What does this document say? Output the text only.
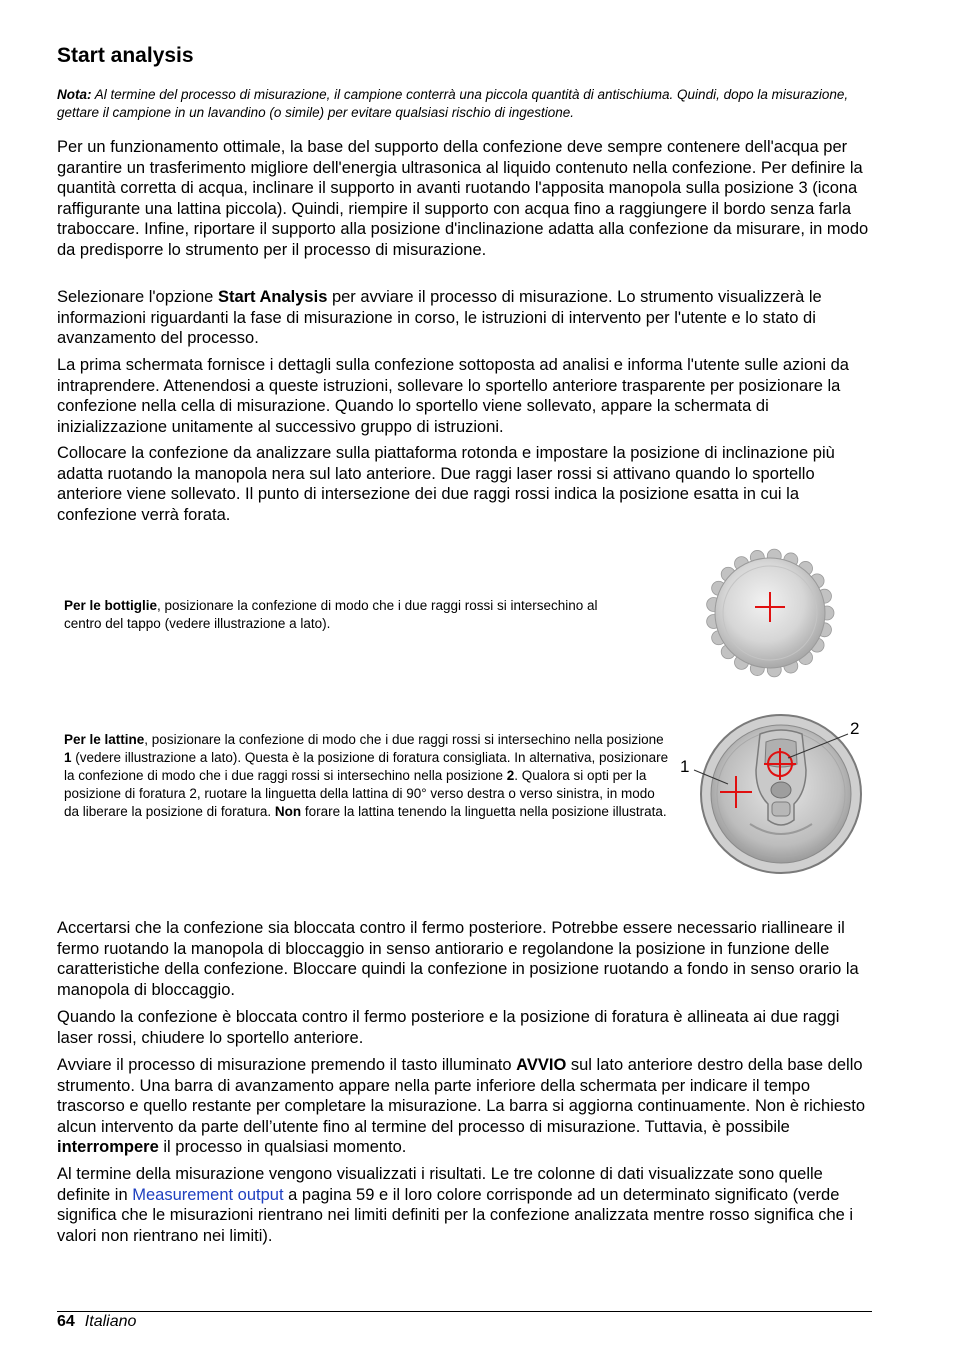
Start analysis
Nota: Al termine del processo di misurazione, il campione conterrà una piccola quantità di antischiuma. Quindi, dopo la misurazione, gettare il campione in un lavandino (o simile) per evitare qualsiasi rischio di ingestione.
Per un funzionamento ottimale, la base del supporto della confezione deve sempre contenere dell'acqua per garantire un trasferimento migliore dell'energia ultrasonica al liquido contenuto nella confezione. Per definire la quantità corretta di acqua, inclinare il supporto in avanti ruotando l'apposita manopola sulla posizione 3 (icona raffigurante una lattina piccola). Quindi, riempire il supporto con acqua fino a raggiungere il bordo senza farla traboccare. Infine, riportare il supporto alla posizione d'inclinazione adatta alla confezione da misurare, in modo da predisporre lo strumento per il processo di misurazione.
Selezionare l'opzione Start Analysis per avviare il processo di misurazione. Lo strumento visualizzerà le informazioni riguardanti la fase di misurazione in corso, le istruzioni di intervento per l'utente e lo stato di avanzamento del processo.
La prima schermata fornisce i dettagli sulla confezione sottoposta ad analisi e informa l'utente sulle azioni da intraprendere. Attenendosi a queste istruzioni, sollevare lo sportello anteriore trasparente per posizionare la confezione nella cella di misurazione. Quando lo sportello viene sollevato, appare la schermata di inizializzazione unitamente al successivo gruppo di istruzioni.
Collocare la confezione da analizzare sulla piattaforma rotonda e impostare la posizione di inclinazione più adatta ruotando la manopola nera sul lato anteriore. Due raggi laser rossi si attivano quando lo sportello anteriore viene sollevato. Il punto di intersezione dei due raggi rossi indica la posizione esatta in cui la confezione verrà forata.
Per le bottiglie, posizionare la confezione di modo che i due raggi rossi si intersechino al centro del tappo (vedere illustrazione a lato).
Per le lattine, posizionare la confezione di modo che i due raggi rossi si intersechino nella posizione 1 (vedere illustrazione a lato). Questa è la posizione di foratura consigliata. In alternativa, posizionare la confezione di modo che i due raggi rossi si intersechino nella posizione 2. Qualora si opti per la posizione di foratura 2, ruotare la linguetta della lattina di 90° verso destra o verso sinistra, in modo da liberare la posizione di foratura. Non forare la lattina tenendo la linguetta nella posizione illustrata.
1
2
Accertarsi che la confezione sia bloccata contro il fermo posteriore. Potrebbe essere necessario riallineare il fermo ruotando la manopola di bloccaggio in senso antiorario e regolandone la posizione in funzione delle caratteristiche della confezione. Bloccare quindi la confezione in posizione ruotando a fondo in senso orario la manopola di bloccaggio.
Quando la confezione è bloccata contro il fermo posteriore e la posizione di foratura è allineata ai due raggi laser rossi, chiudere lo sportello anteriore.
Avviare il processo di misurazione premendo il tasto illuminato AVVIO sul lato anteriore destro della base dello strumento. Una barra di avanzamento appare nella parte inferiore della schermata per indicare il tempo trascorso e quello restante per completare la misurazione. La barra si aggiorna continuamente. Non è richiesto alcun intervento da parte dell’utente fino al termine del processo di misurazione. Tuttavia, è possibile interrompere il processo in qualsiasi momento.
Al termine della misurazione vengono visualizzati i risultati. Le tre colonne di dati visualizzate sono quelle definite in Measurement output a pagina 59 e il loro colore corrisponde ad un determinato significato (verde significa che le misurazioni rientrano nei limiti definiti per la confezione analizzata mentre rosso significa che i valori non rientrano nei limiti).
64 Italiano
